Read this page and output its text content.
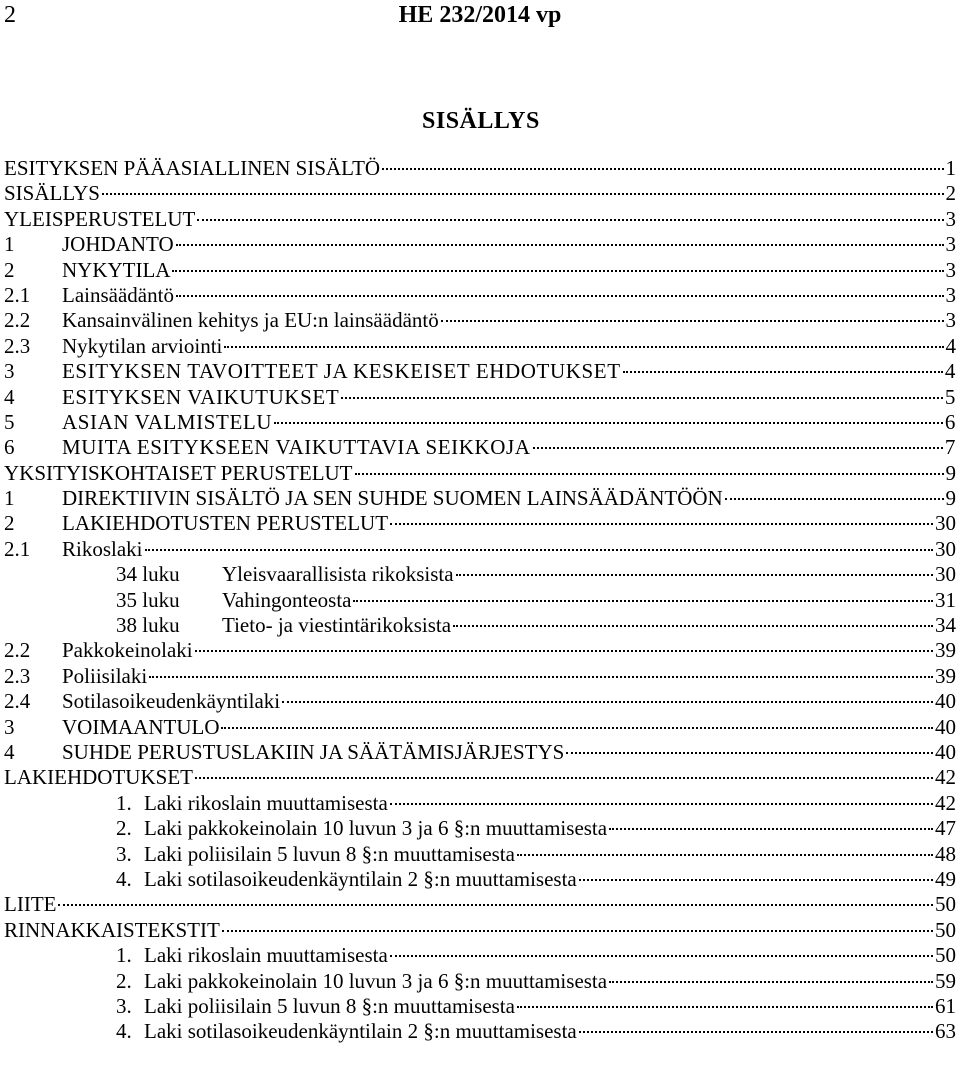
2	HE 232/2014 vp
SISÄLLYS
ESITYKSEN PÄÄASIALLINEN SISÄLTÖ	1
SISÄLLYS	2
YLEISPERUSTELUT	3
1	JOHDANTO	3
2	NYKYTILA	3
2.1	Lainsäädäntö	3
2.2	Kansainvälinen kehitys ja EU:n lainsäädäntö	3
2.3	Nykytilan arviointi	4
3	ESITYKSEN TAVOITTEET JA KESKEISET EHDOTUKSET	4
4	ESITYKSEN VAIKUTUKSET	5
5	ASIAN VALMISTELU	6
6	MUITA ESITYKSEEN VAIKUTTAVIA SEIKKOJA	7
YKSITYISKOHTAISET PERUSTELUT	9
1	DIREKTIIVIN SISÄLTÖ JA SEN SUHDE SUOMEN LAINSÄÄDÄNTÖÖN	9
2	LAKIEHDOTUSTEN PERUSTELUT	30
2.1	Rikoslaki	30
34 luku	Yleisvaarallisista rikoksista	30
35 luku	Vahingonteosta	31
38 luku	Tieto- ja viestintärikoksista	34
2.2	Pakkokeinolaki	39
2.3	Poliisilaki	39
2.4	Sotilasoikeudenkäyntilaki	40
3	VOIMAANTULO	40
4	SUHDE PERUSTUSLAKIIN JA SÄÄTÄMISJÄRJESTYS	40
LAKIEHDOTUKSET	42
1. Laki rikoslain muuttamisesta	42
2. Laki pakkokeinolain 10 luvun 3 ja 6 §:n muuttamisesta	47
3. Laki poliisilain 5 luvun 8 §:n muuttamisesta	48
4. Laki sotilasoikeudenkäyntilain 2 §:n muuttamisesta	49
LIITE	50
RINNAKKAISTEKSTIT	50
1. Laki rikoslain muuttamisesta	50
2. Laki pakkokeinolain 10 luvun 3 ja 6 §:n muuttamisesta	59
3. Laki poliisilain 5 luvun 8 §:n muuttamisesta	61
4. Laki sotilasoikeudenkäyntilain 2 §:n muuttamisesta	63
